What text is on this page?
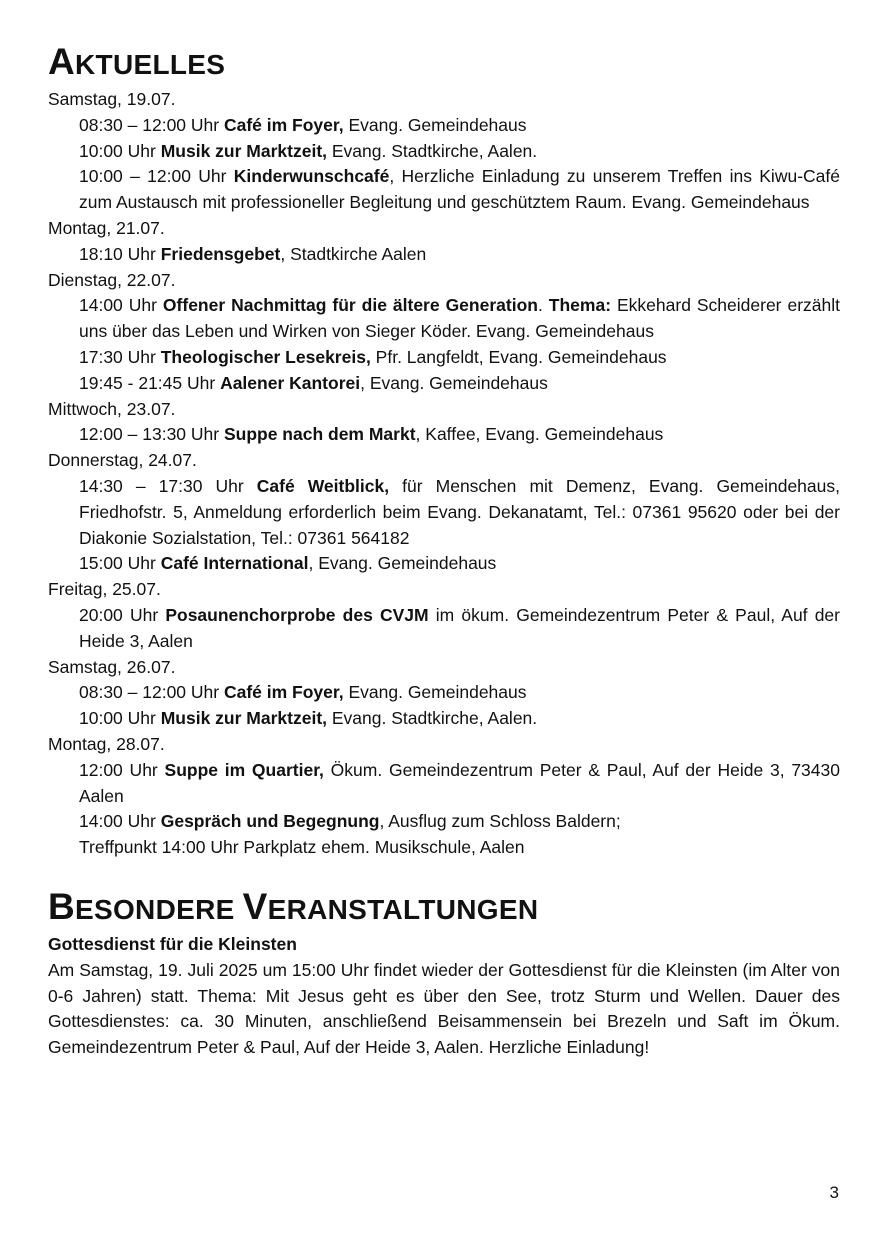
AKTUELLES
Samstag, 19.07.
08:30 – 12:00 Uhr Café im Foyer, Evang. Gemeindehaus
10:00 Uhr Musik zur Marktzeit, Evang. Stadtkirche, Aalen.
10:00 – 12:00 Uhr Kinderwunschcafé, Herzliche Einladung zu unserem Treffen ins Kiwu-Café zum Austausch mit professioneller Begleitung und geschütztem Raum. Evang. Gemeindehaus
Montag, 21.07.
18:10 Uhr Friedensgebet, Stadtkirche Aalen
Dienstag, 22.07.
14:00 Uhr Offener Nachmittag für die ältere Generation. Thema: Ekkehard Scheiderer erzählt uns über das Leben und Wirken von Sieger Köder. Evang. Gemeindehaus
17:30 Uhr Theologischer Lesekreis, Pfr. Langfeldt, Evang. Gemeindehaus
19:45 - 21:45 Uhr Aalener Kantorei, Evang. Gemeindehaus
Mittwoch, 23.07.
12:00 – 13:30 Uhr Suppe nach dem Markt, Kaffee, Evang. Gemeindehaus
Donnerstag, 24.07.
14:30 – 17:30 Uhr Café Weitblick, für Menschen mit Demenz, Evang. Gemeindehaus, Friedhofstr. 5, Anmeldung erforderlich beim Evang. Dekanatamt, Tel.: 07361 95620 oder bei der Diakonie Sozialstation, Tel.: 07361 564182
15:00 Uhr Café International, Evang. Gemeindehaus
Freitag, 25.07.
20:00 Uhr Posaunenchorprobe des CVJM im ökum. Gemeindezentrum Peter & Paul, Auf der Heide 3, Aalen
Samstag, 26.07.
08:30 – 12:00 Uhr Café im Foyer, Evang. Gemeindehaus
10:00 Uhr Musik zur Marktzeit, Evang. Stadtkirche, Aalen.
Montag, 28.07.
12:00 Uhr Suppe im Quartier, Ökum. Gemeindezentrum Peter & Paul, Auf der Heide 3, 73430 Aalen
14:00 Uhr Gespräch und Begegnung, Ausflug zum Schloss Baldern;
Treffpunkt 14:00 Uhr Parkplatz ehem. Musikschule, Aalen
BESONDERE VERANSTALTUNGEN
Gottesdienst für die Kleinsten
Am Samstag, 19. Juli 2025 um 15:00 Uhr findet wieder der Gottesdienst für die Kleinsten (im Alter von 0-6 Jahren) statt. Thema: Mit Jesus geht es über den See, trotz Sturm und Wellen. Dauer des Gottesdienstes: ca. 30 Minuten, anschließend Beisammensein bei Brezeln und Saft im Ökum. Gemeindezentrum Peter & Paul, Auf der Heide 3, Aalen. Herzliche Einladung!
3
